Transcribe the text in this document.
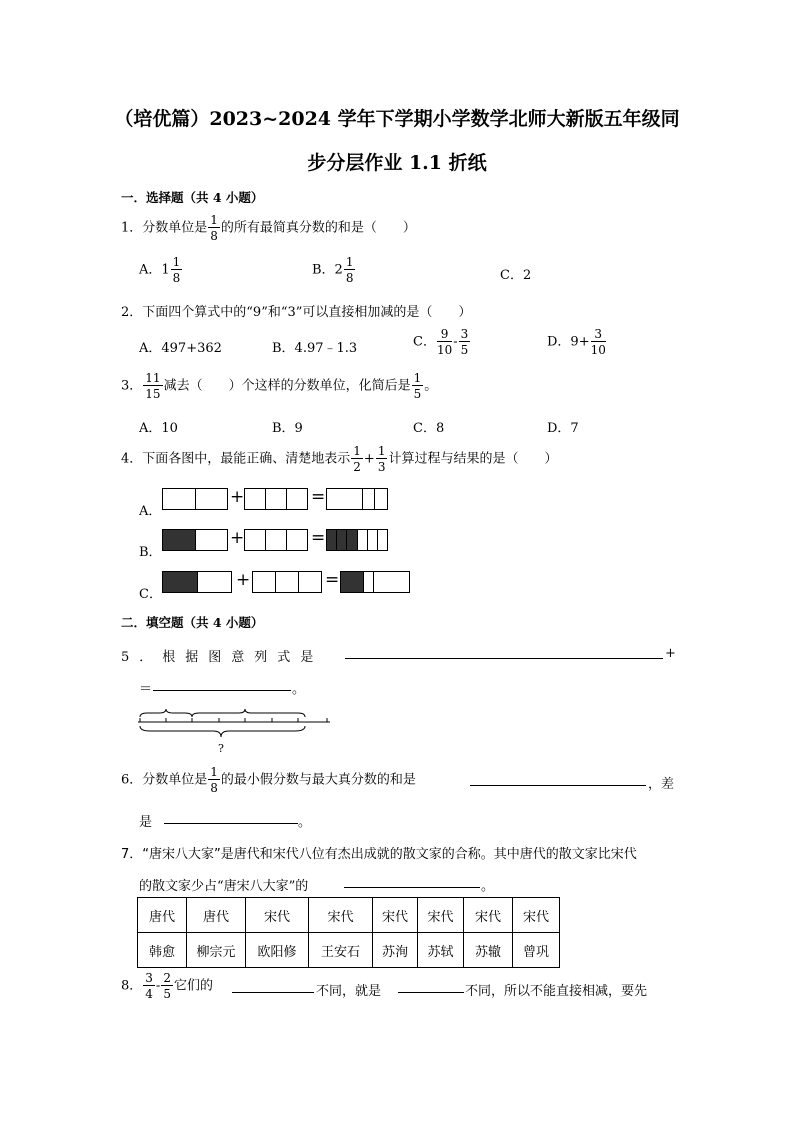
（培优篇）2023~2024 学年下学期小学数学北师大新版五年级同
步分层作业 1.1 折纸
一．选择题（共 4 小题）
1．分数单位是 $\frac{1}{8}$ 的所有最简真分数的和是（　　）
A．$1 \frac{1}{8}$	B．$2 \frac{1}{8}$	C．2
2．下面四个算式中的“9”和“3”可以直接相加减的是（　　）
A．497+362	B．4.97﹣1.3	C． $\frac{9}{10} - \frac{3}{5}$	D．$9+ \frac{3}{10}$
3． $\frac{11}{15}$ 减去（　　）个这样的分数单位，化简后是 $\frac{1}{5}$ 。
A．10	B．9	C．8	D．7
4．下面各图中，最能正确、清楚地表示 $\frac{1}{2} + \frac{1}{3}$ 计算过程与结果的是（　　）
A．
+	=
B．
+	=
C．
+	=
二．填空题（共 4 小题）
5．根据图意列式是	+
＝	。
?
6．分数单位是 $\frac{1}{8}$ 的最小假分数与最大真分数的和是	，差
是	。
7．“唐宋八大家”是唐代和宋代八位有杰出成就的散文家的合称。其中唐代的散文家比宋代
的散文家少占“唐宋八大家”的	。
唐代	唐代	宋代	宋代	宋代	宋代	宋代	宋代
韩愈	柳宗元	欧阳修	王安石	苏洵	苏轼	苏辙	曾巩
8． $\frac{3}{4} - \frac{2}{5}$ 它们的	不同，就是	不同，所以不能直接相减，要先
